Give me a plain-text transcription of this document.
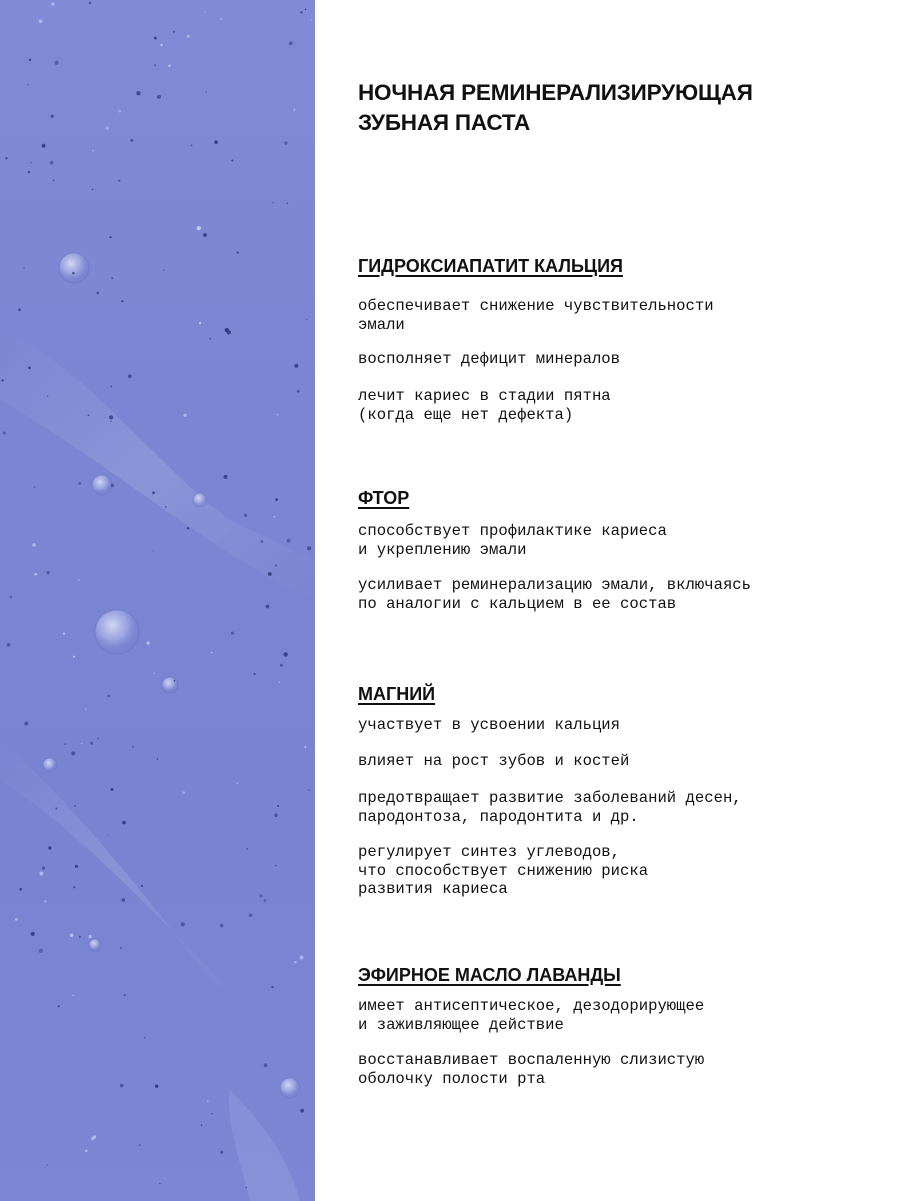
НОЧНАЯ РЕМИНЕРАЛИЗИРУЮЩАЯ
ЗУБНАЯ ПАСТА
ГИДРОКСИАПАТИТ КАЛЬЦИЯ

обеспечивает снижение чувствительности
эмали

восполняет дефицит минералов

лечит кариес в стадии пятна
(когда еще нет дефекта)

ФТОР

способствует профилактике кариеса
и укреплению эмали

усиливает реминерализацию эмали, включаясь
по аналогии с кальцием в ее состав

МАГНИЙ

участвует в усвоении кальция

влияет на рост зубов и костей

предотвращает развитие заболеваний десен,
пародонтоза, пародонтита и др.

регулирует синтез углеводов,
что способствует снижению риска
развития кариеса

ЭФИРНОЕ МАСЛО ЛАВАНДЫ

имеет антисептическое, дезодорирующее
и заживляющее действие

восстанавливает воспаленную слизистую
оболочку полости рта
